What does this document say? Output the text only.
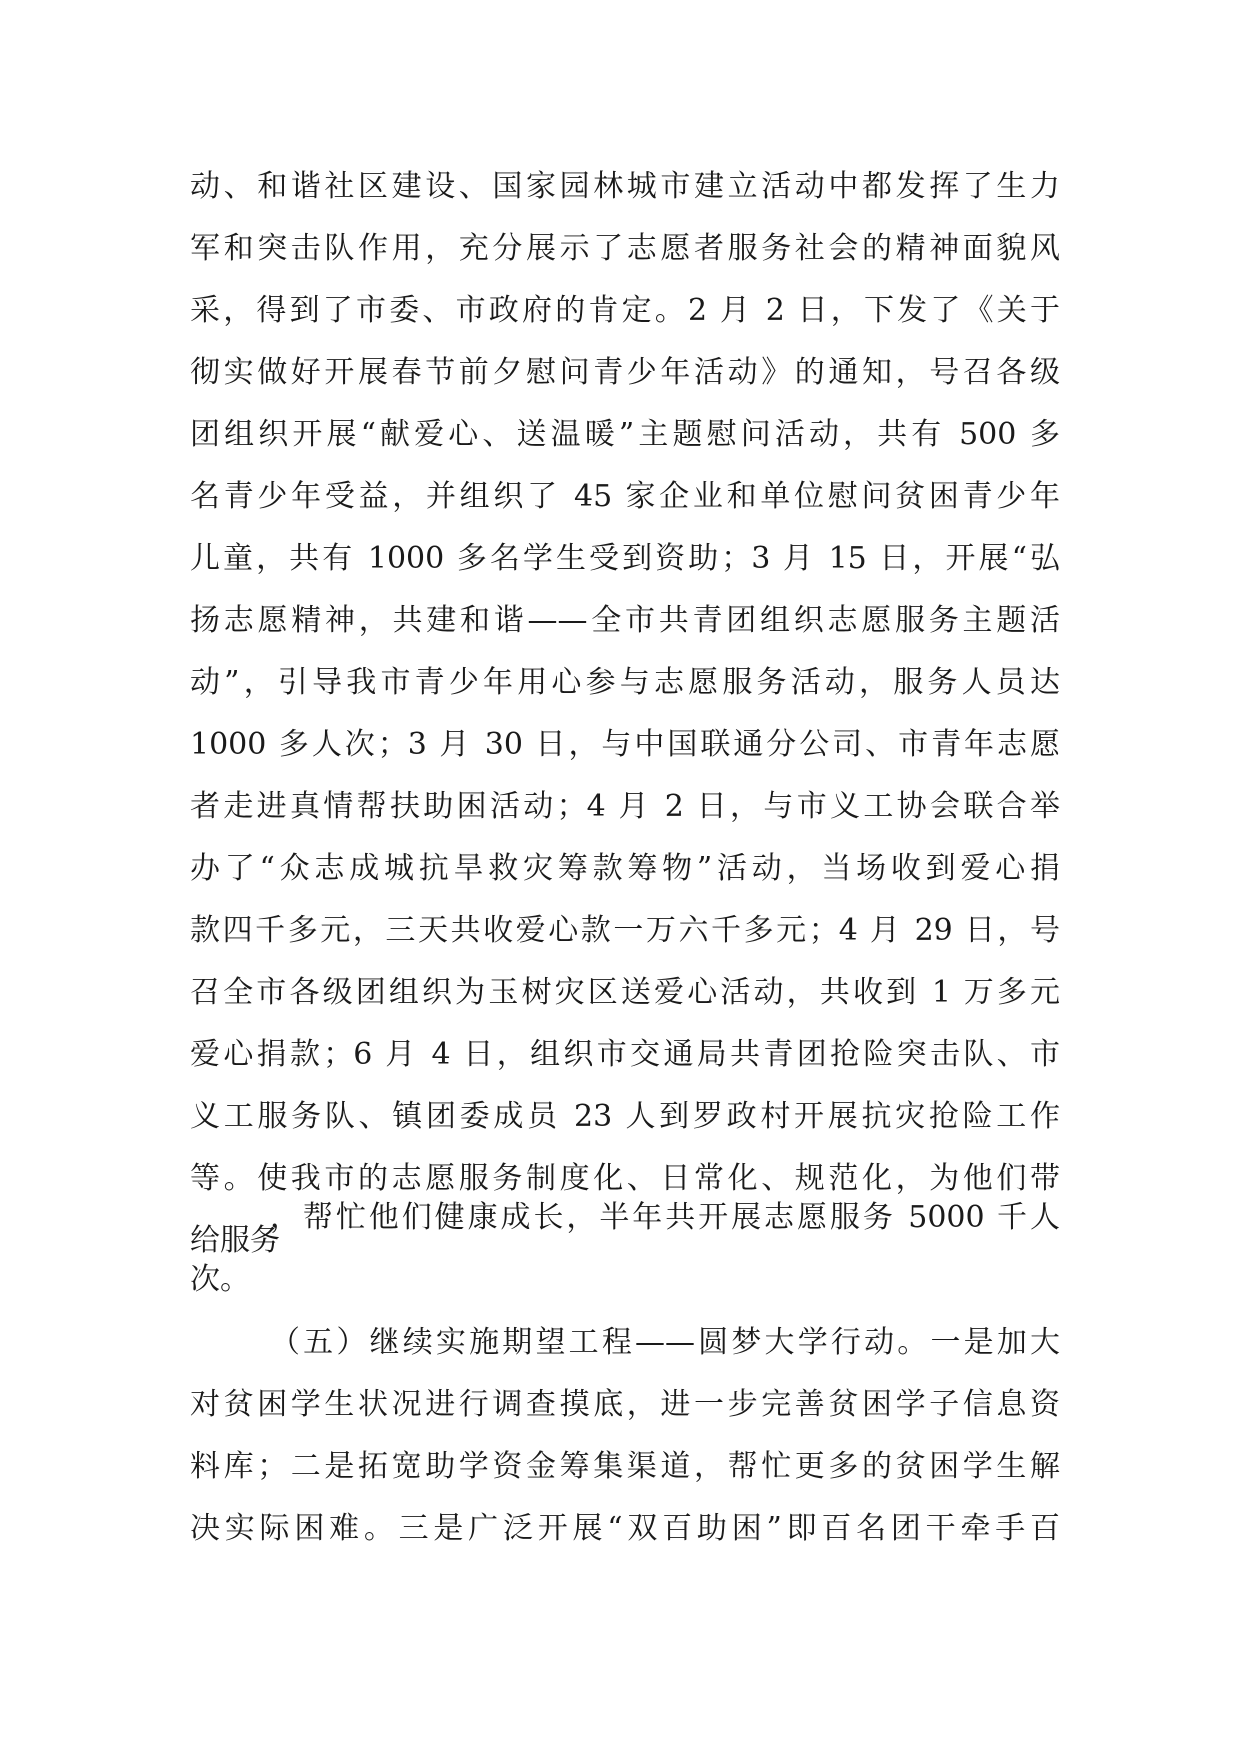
动、和谐社区建设、国家园林城市建立活动中都发挥了生力
军和突击队作用，充分展示了志愿者服务社会的精神面貌风
采，得到了市委、市政府的肯定。2 月 2 日，下发了《关于
彻实做好开展春节前夕慰问青少年活动》的通知，号召各级
团组织开展“献爱心、送温暖”主题慰问活动，共有 500 多
名青少年受益，并组织了 45 家企业和单位慰问贫困青少年
儿童，共有 1000 多名学生受到资助；3 月 15 日，开展“弘
扬志愿精神，共建和谐——全市共青团组织志愿服务主题活
动”，引导我市青少年用心参与志愿服务活动，服务人员达
1000 多人次；3 月 30 日，与中国联通分公司、市青年志愿
者走进真情帮扶助困活动；4 月 2 日，与市义工协会联合举
办了“众志成城抗旱救灾筹款筹物”活动，当场收到爱心捐
款四千多元，三天共收爱心款一万六千多元；4 月 29 日，号
召全市各级团组织为玉树灾区送爱心活动，共收到 1 万多元
爱心捐款；6 月 4 日，组织市交通局共青团抢险突击队、市
义工服务队、镇团委成员 23 人到罗政村开展抗灾抢险工作
等。使我市的志愿服务制度化、日常化、规范化，为他们带
给服务
，帮忙他们健康成长，半年共开展志愿服务 5000 千人
次。
（五）继续实施期望工程——圆梦大学行动。一是加大
对贫困学生状况进行调查摸底，进一步完善贫困学子信息资
料库；二是拓宽助学资金筹集渠道，帮忙更多的贫困学生解
决实际困难。三是广泛开展“双百助困”即百名团干牵手百
